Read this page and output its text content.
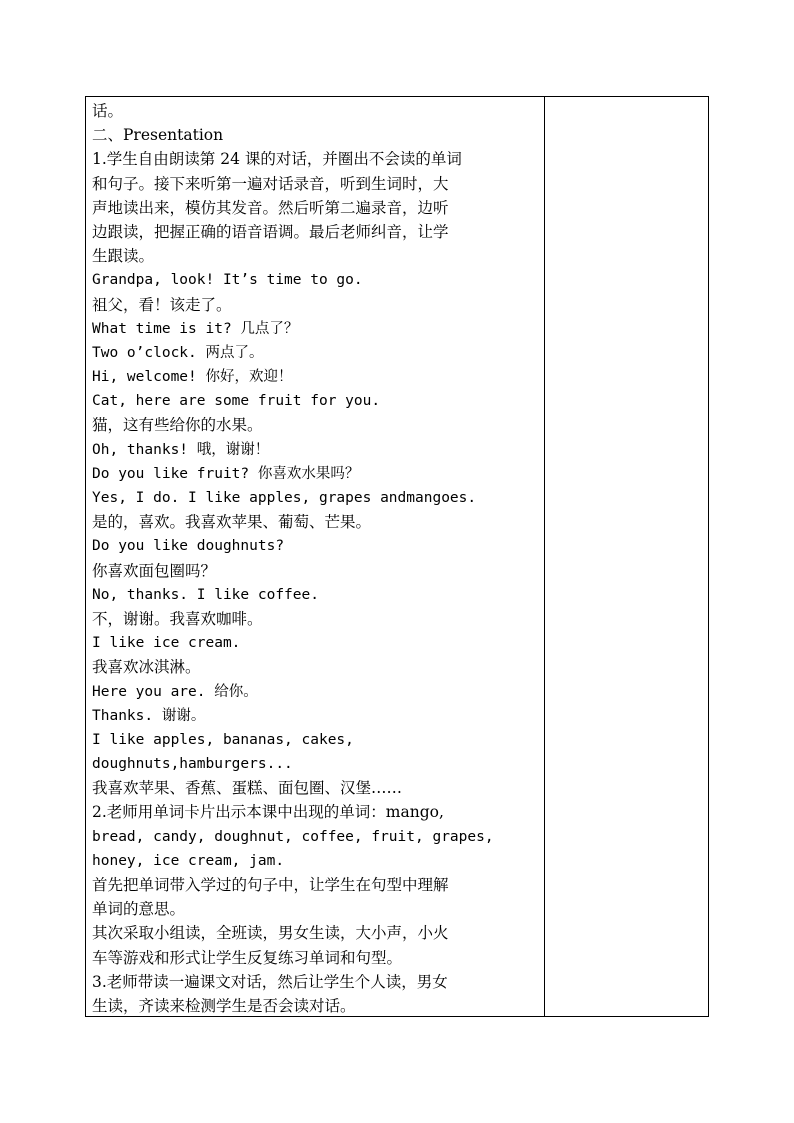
话。
二、Presentation
1.学生自由朗读第 24 课的对话，并圈出不会读的单词
和句子。接下来听第一遍对话录音，听到生词时，大
声地读出来，模仿其发音。然后听第二遍录音，边听
边跟读，把握正确的语音语调。最后老师纠音，让学
生跟读。
Grandpa, look! It’s time to go.
祖父，看！该走了。
What time is it? 几点了？
Two o’clock. 两点了。
Hi, welcome! 你好，欢迎！
Cat, here are some fruit for you.
猫，这有些给你的水果。
Oh, thanks! 哦，谢谢！
Do you like fruit? 你喜欢水果吗？
Yes, I do. I like apples, grapes andmangoes.
是的，喜欢。我喜欢苹果、葡萄、芒果。
Do you like doughnuts?
你喜欢面包圈吗？
No, thanks. I like coffee.
不，谢谢。我喜欢咖啡。
I like ice cream.
我喜欢冰淇淋。
Here you are. 给你。
Thanks. 谢谢。
I like apples, bananas, cakes,
doughnuts,hamburgers...
我喜欢苹果、香蕉、蛋糕、面包圈、汉堡……
2.老师用单词卡片出示本课中出现的单词：mango,
bread, candy, doughnut, coffee, fruit, grapes,
honey, ice cream, jam.
首先把单词带入学过的句子中，让学生在句型中理解
单词的意思。
其次采取小组读，全班读，男女生读，大小声，小火
车等游戏和形式让学生反复练习单词和句型。
3.老师带读一遍课文对话，然后让学生个人读，男女
生读，齐读来检测学生是否会读对话。
